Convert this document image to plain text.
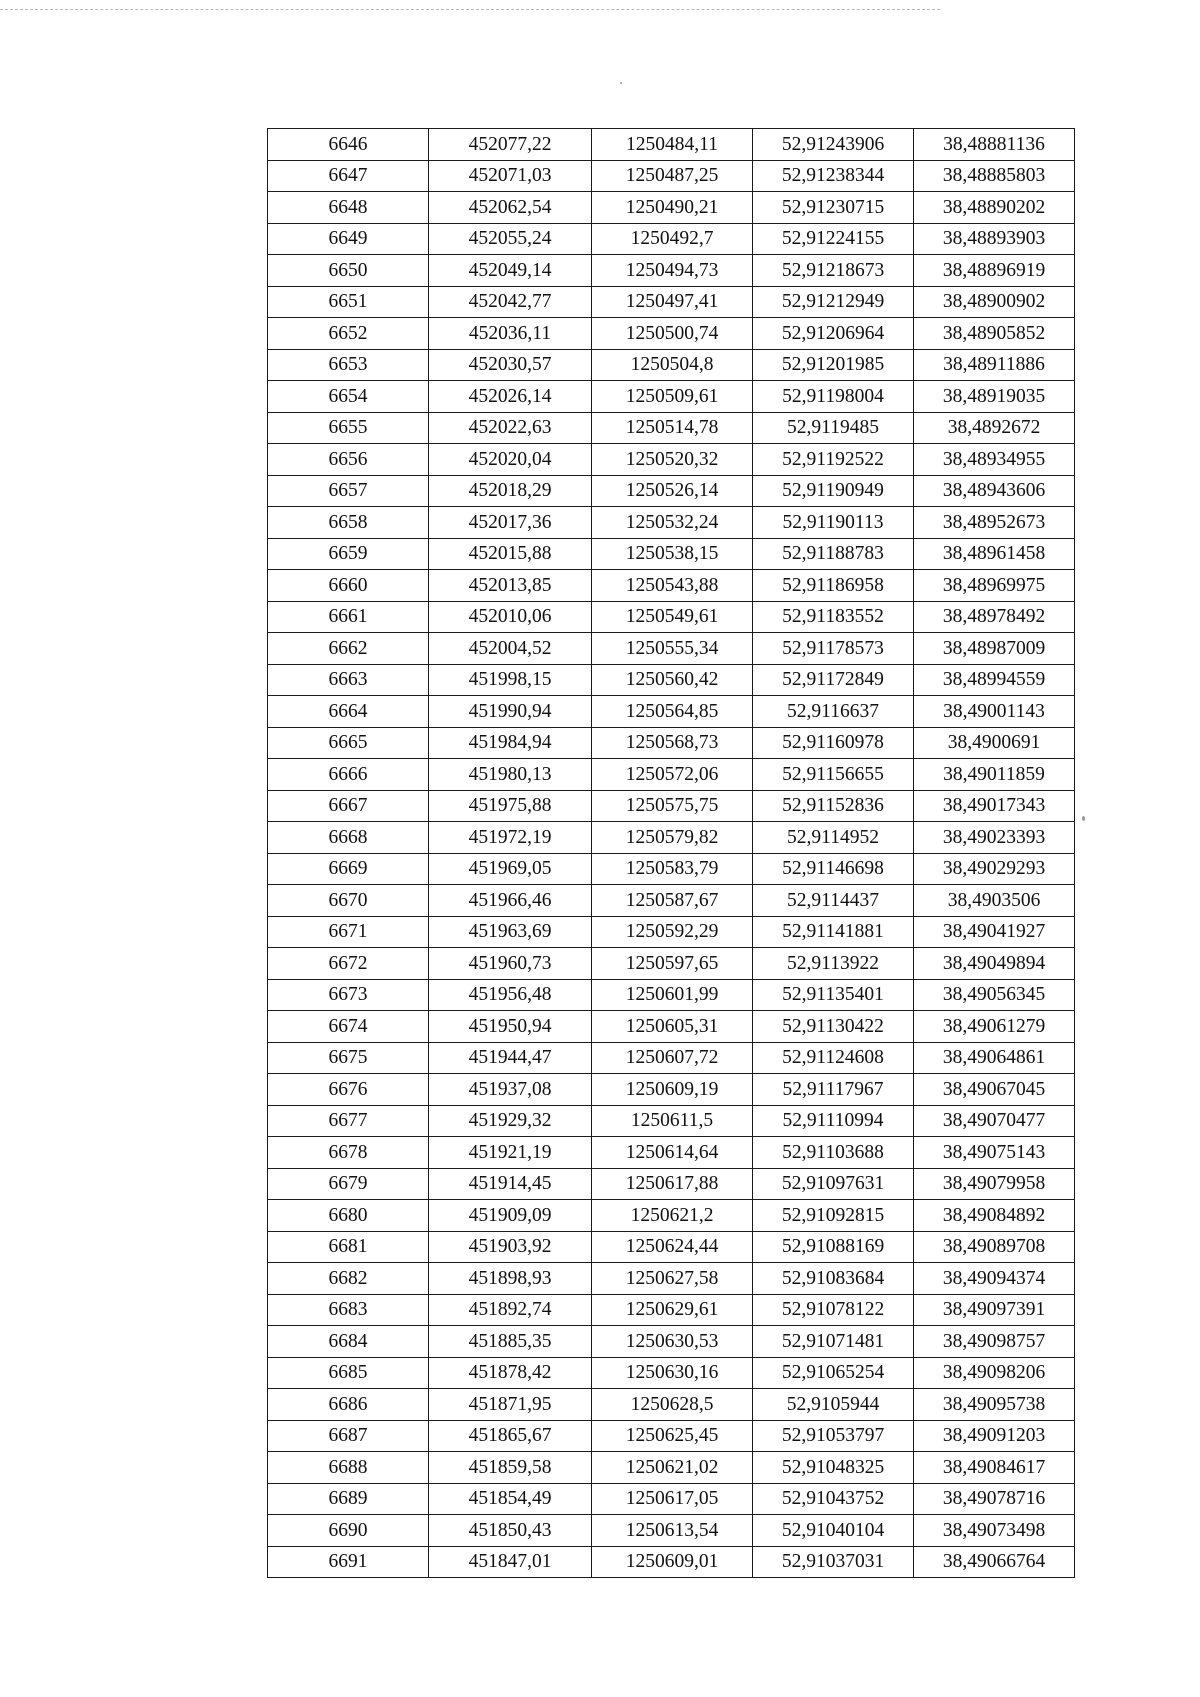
6646	452077,22	1250484,11	52,91243906	38,48881136
6647	452071,03	1250487,25	52,91238344	38,48885803
6648	452062,54	1250490,21	52,91230715	38,48890202
6649	452055,24	1250492,7	52,91224155	38,48893903
6650	452049,14	1250494,73	52,91218673	38,48896919
6651	452042,77	1250497,41	52,91212949	38,48900902
6652	452036,11	1250500,74	52,91206964	38,48905852
6653	452030,57	1250504,8	52,91201985	38,48911886
6654	452026,14	1250509,61	52,91198004	38,48919035
6655	452022,63	1250514,78	52,9119485	38,4892672
6656	452020,04	1250520,32	52,91192522	38,48934955
6657	452018,29	1250526,14	52,91190949	38,48943606
6658	452017,36	1250532,24	52,91190113	38,48952673
6659	452015,88	1250538,15	52,91188783	38,48961458
6660	452013,85	1250543,88	52,91186958	38,48969975
6661	452010,06	1250549,61	52,91183552	38,48978492
6662	452004,52	1250555,34	52,91178573	38,48987009
6663	451998,15	1250560,42	52,91172849	38,48994559
6664	451990,94	1250564,85	52,9116637	38,49001143
6665	451984,94	1250568,73	52,91160978	38,4900691
6666	451980,13	1250572,06	52,91156655	38,49011859
6667	451975,88	1250575,75	52,91152836	38,49017343
6668	451972,19	1250579,82	52,9114952	38,49023393
6669	451969,05	1250583,79	52,91146698	38,49029293
6670	451966,46	1250587,67	52,9114437	38,4903506
6671	451963,69	1250592,29	52,91141881	38,49041927
6672	451960,73	1250597,65	52,9113922	38,49049894
6673	451956,48	1250601,99	52,91135401	38,49056345
6674	451950,94	1250605,31	52,91130422	38,49061279
6675	451944,47	1250607,72	52,91124608	38,49064861
6676	451937,08	1250609,19	52,91117967	38,49067045
6677	451929,32	1250611,5	52,91110994	38,49070477
6678	451921,19	1250614,64	52,91103688	38,49075143
6679	451914,45	1250617,88	52,91097631	38,49079958
6680	451909,09	1250621,2	52,91092815	38,49084892
6681	451903,92	1250624,44	52,91088169	38,49089708
6682	451898,93	1250627,58	52,91083684	38,49094374
6683	451892,74	1250629,61	52,91078122	38,49097391
6684	451885,35	1250630,53	52,91071481	38,49098757
6685	451878,42	1250630,16	52,91065254	38,49098206
6686	451871,95	1250628,5	52,9105944	38,49095738
6687	451865,67	1250625,45	52,91053797	38,49091203
6688	451859,58	1250621,02	52,91048325	38,49084617
6689	451854,49	1250617,05	52,91043752	38,49078716
6690	451850,43	1250613,54	52,91040104	38,49073498
6691	451847,01	1250609,01	52,91037031	38,49066764
